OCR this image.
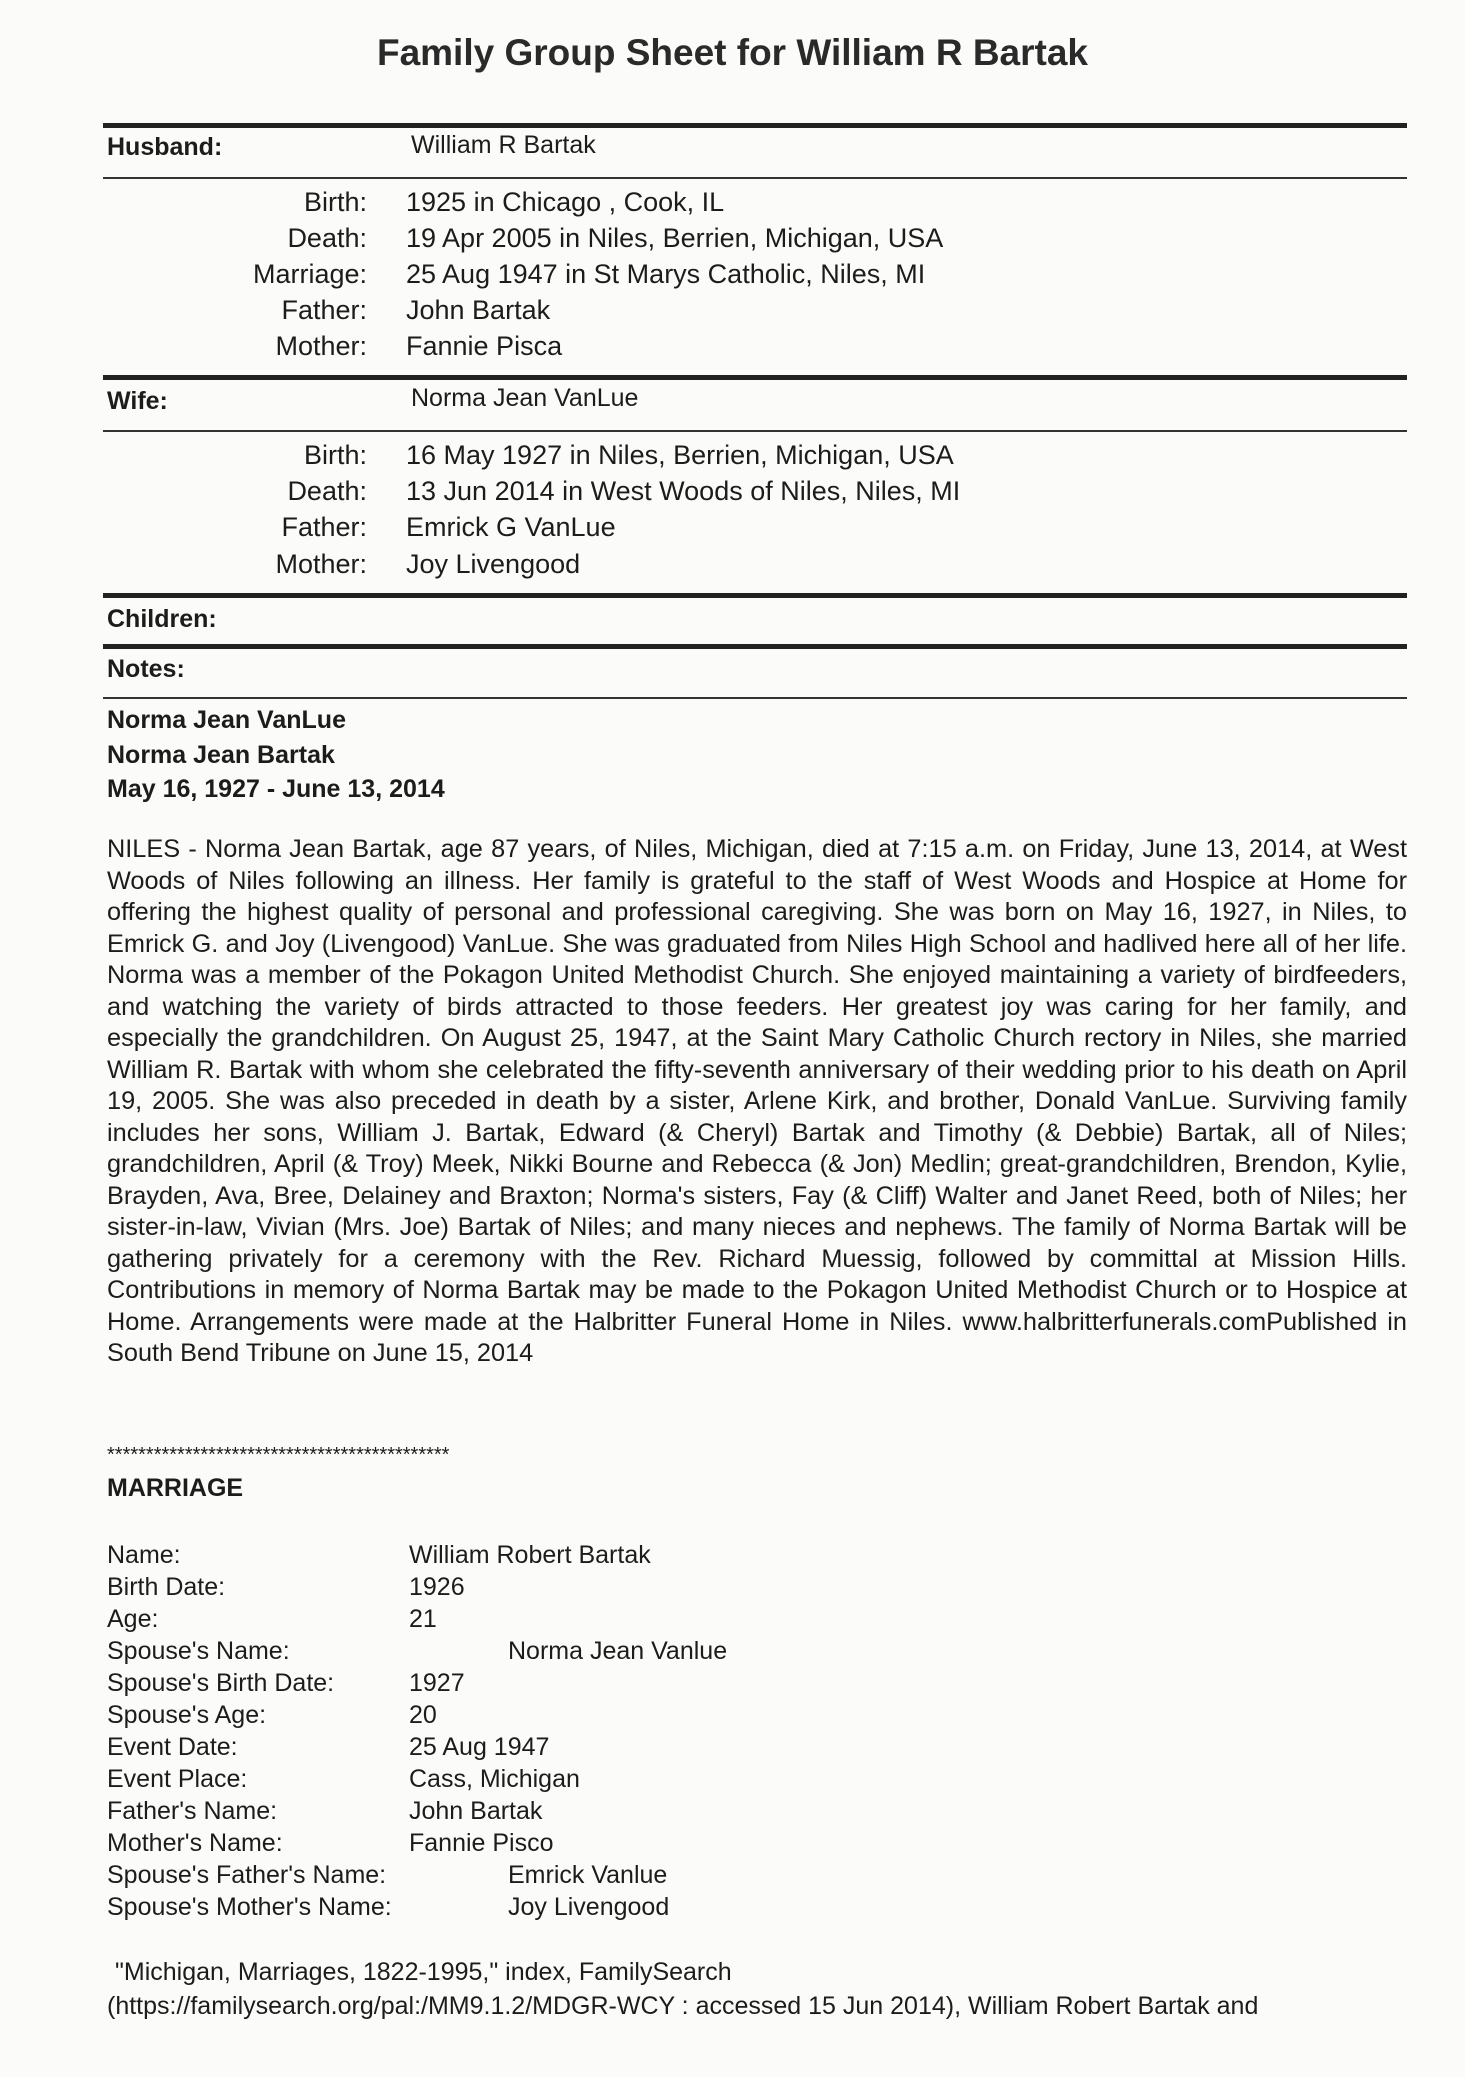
Family Group Sheet for William R Bartak
Husband:	William R Bartak
Birth: 1925 in Chicago , Cook, IL
Death: 19 Apr 2005 in Niles, Berrien, Michigan, USA
Marriage: 25 Aug 1947 in St Marys Catholic, Niles, MI
Father: John Bartak
Mother: Fannie Pisca
Wife:	Norma Jean VanLue
Birth: 16 May 1927 in Niles, Berrien, Michigan, USA
Death: 13 Jun 2014 in West Woods of Niles, Niles, MI
Father: Emrick G VanLue
Mother: Joy Livengood
Children:
Notes:
Norma Jean VanLue
Norma Jean Bartak
May 16, 1927 - June 13, 2014

NILES - Norma Jean Bartak, age 87 years, of Niles, Michigan, died at 7:15 a.m. on Friday, June 13, 2014, at West Woods of Niles following an illness. Her family is grateful to the staff of West Woods and Hospice at Home for offering the highest quality of personal and professional caregiving. She was born on May 16, 1927, in Niles, to Emrick G. and Joy (Livengood) VanLue. She was graduated from Niles High School and hadlived here all of her life. Norma was a member of the Pokagon United Methodist Church. She enjoyed maintaining a variety of birdfeeders, and watching the variety of birds attracted to those feeders. Her greatest joy was caring for her family, and especially the grandchildren. On August 25, 1947, at the Saint Mary Catholic Church rectory in Niles, she married William R. Bartak with whom she celebrated the fifty-seventh anniversary of their wedding prior to his death on April 19, 2005. She was also preceded in death by a sister, Arlene Kirk, and brother, Donald VanLue. Surviving family includes her sons, William J. Bartak, Edward (& Cheryl) Bartak and Timothy (& Debbie) Bartak, all of Niles; grandchildren, April (& Troy) Meek, Nikki Bourne and Rebecca (& Jon) Medlin; great-grandchildren, Brendon, Kylie, Brayden, Ava, Bree, Delainey and Braxton; Norma's sisters, Fay (& Cliff) Walter and Janet Reed, both of Niles; her sister-in-law, Vivian (Mrs. Joe) Bartak of Niles; and many nieces and nephews. The family of Norma Bartak will be gathering privately for a ceremony with the Rev. Richard Muessig, followed by committal at Mission Hills. Contributions in memory of Norma Bartak may be made to the Pokagon United Methodist Church or to Hospice at Home. Arrangements were made at the Halbritter Funeral Home in Niles. www.halbritterfunerals.comPublished in South Bend Tribune on June 15, 2014

********************************************
MARRIAGE
Name:	William Robert Bartak
Birth Date:	1926
Age:	21
Spouse's Name:	Norma Jean Vanlue
Spouse's Birth Date:	1927
Spouse's Age:	20
Event Date:	25 Aug 1947
Event Place:	Cass, Michigan
Father's Name:	John Bartak
Mother's Name:	Fannie Pisco
Spouse's Father's Name:	Emrick Vanlue
Spouse's Mother's Name:	Joy Livengood
"Michigan, Marriages, 1822-1995," index, FamilySearch
(https://familysearch.org/pal:/MM9.1.2/MDGR-WCY : accessed 15 Jun 2014), William Robert Bartak and
